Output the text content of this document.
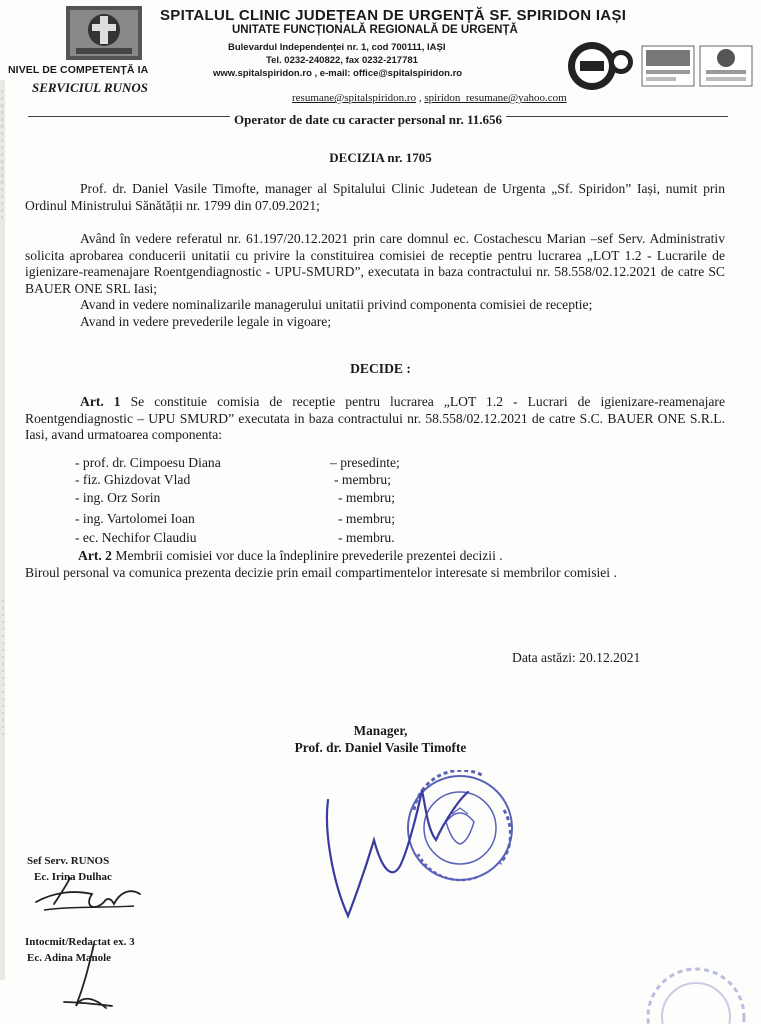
NIVEL DE COMPETENȚĂ IA
SERVICIUL RUNOS
SPITALUL CLINIC JUDEȚEAN DE URGENȚĂ SF. SPIRIDON IAȘI
UNITATE FUNCȚIONALĂ REGIONALĂ DE URGENȚĂ
Bulevardul Independenței nr. 1, cod 700111, IAȘI
Tel. 0232-240822, fax 0232-217781
www.spitalspiridon.ro , e-mail: office@spitalspiridon.ro
resumane@spitalspiridon.ro , spiridon_resumane@yahoo.com
Operator de date cu caracter personal nr. 11.656
DECIZIA nr. 1705
Prof. dr. Daniel Vasile Timofte, manager al Spitalului Clinic Judetean de Urgenta „Sf. Spiridon” Iași, numit prin Ordinul Ministrului Sănătății nr. 1799 din 07.09.2021;
Având în vedere referatul nr. 61.197/20.12.2021 prin care domnul ec. Costachescu Marian –sef Serv. Administrativ solicita aprobarea conducerii unitatii cu privire la constituirea comisiei de receptie pentru lucrarea „LOT 1.2 - Lucrarile de igienizare-reamenajare Roentgendiagnostic - UPU-SMURD”, executata in baza contractului nr. 58.558/02.12.2021 de catre SC BAUER ONE SRL Iasi;
Avand in vedere nominalizarile managerului unitatii privind componenta comisiei de receptie;
Avand in vedere prevederile legale in vigoare;
DECIDE :
Art. 1 Se constituie comisia de receptie pentru lucrarea „LOT 1.2 - Lucrari de igienizare-reamenajare Roentgendiagnostic – UPU SMURD” executata in baza contractului nr. 58.558/02.12.2021 de catre S.C. BAUER ONE S.R.L. Iasi, avand urmatoarea componenta:
- prof. dr. Cimpoesu Diana	– presedinte;
- fiz. Ghizdovat Vlad	- membru;
- ing. Orz Sorin	- membru;
- ing. Vartolomei Ioan	- membru;
- ec. Nechifor Claudiu	- membru.
Art. 2 Membrii comisiei vor duce la îndeplinire prevederile prezentei decizii .
Biroul personal va comunica prezenta decizie prin email compartimentelor interesate si membrilor comisiei .
Data astăzi: 20.12.2021
Manager,
Prof. dr. Daniel Vasile Timofte
Sef Serv. RUNOS
Ec. Irina Dulhac
Intocmit/Redactat ex. 3
Ec. Adina Manole
